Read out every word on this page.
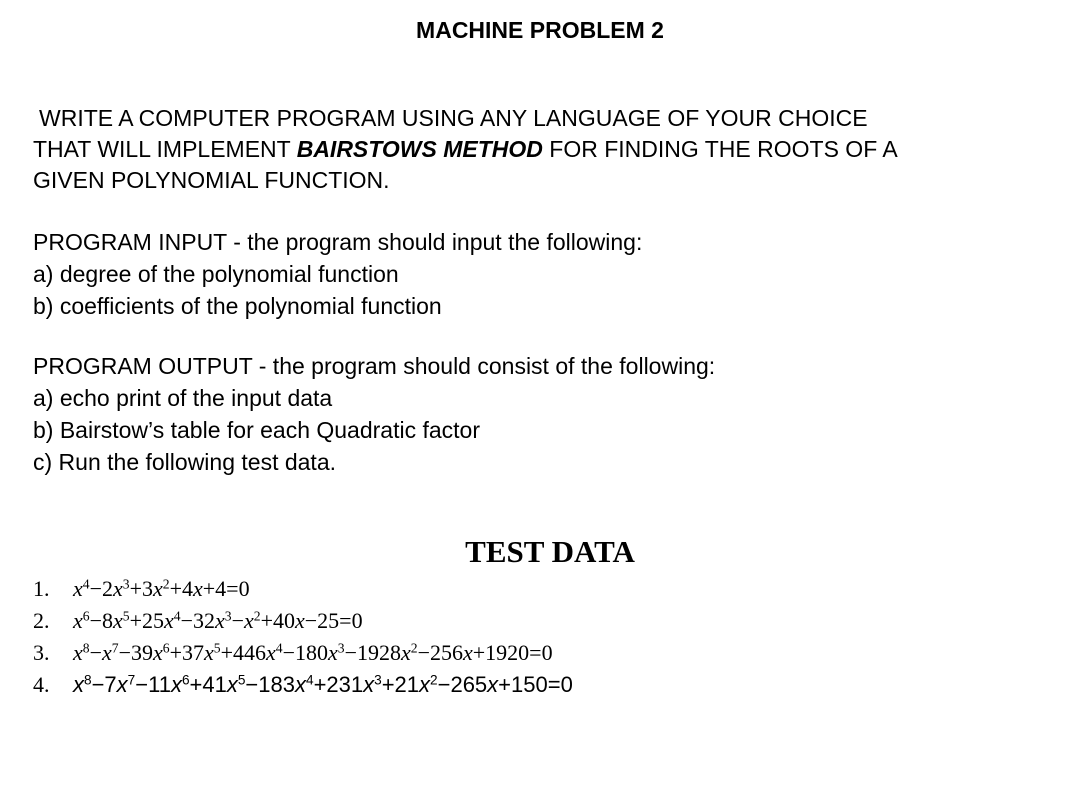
MACHINE PROBLEM 2
WRITE A COMPUTER PROGRAM USING ANY LANGUAGE OF YOUR CHOICE
THAT WILL IMPLEMENT BAIRSTOWS METHOD FOR FINDING THE ROOTS OF A
GIVEN POLYNOMIAL FUNCTION.
PROGRAM INPUT - the program should input the following:
a) degree of the polynomial function
b) coefficients of the polynomial function
PROGRAM OUTPUT - the program should consist of the following:
a) echo print of the input data
b) Bairstow’s table for each Quadratic factor
c) Run the following test data.
TEST DATA
1. $x^4-2x^3+3x^2+4x+4=0$
2. $x^6-8x^5+25x^4-32x^3-x^2+40x-25=0$
3. $x^8-x^7-39x^6+37x^5+446x^4-180x^3-1928x^2-256x+1920=0$
4. $x^8-7x^7-11x^6+41x^5-183x^4+231x^3+21x^2-265x+150=0$
